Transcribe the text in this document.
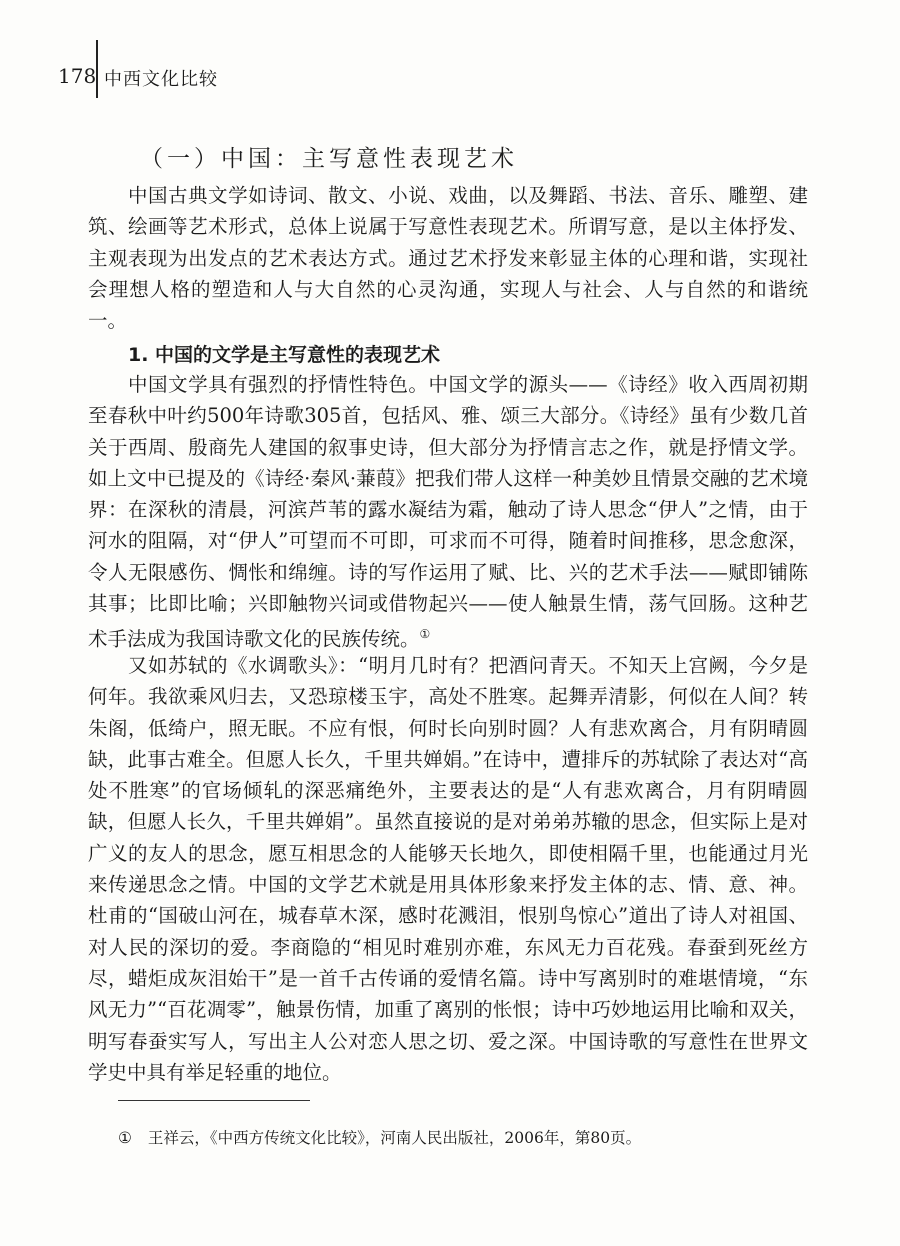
178 中西文化比较
（一）中国：主写意性表现艺术

中国古典文学如诗词、散文、小说、戏曲，以及舞蹈、书法、音乐、雕塑、建筑、绘画等艺术形式，总体上说属于写意性表现艺术。所谓写意，是以主体抒发、主观表现为出发点的艺术表达方式。通过艺术抒发来彰显主体的心理和谐，实现社会理想人格的塑造和人与大自然的心灵沟通，实现人与社会、人与自然的和谐统一。

1. 中国的文学是主写意性的表现艺术

中国文学具有强烈的抒情性特色。中国文学的源头——《诗经》收入西周初期至春秋中叶约500年诗歌305首，包括风、雅、颂三大部分。《诗经》虽有少数几首关于西周、殷商先人建国的叙事史诗，但大部分为抒情言志之作，就是抒情文学。如上文中已提及的《诗经·秦风·蒹葭》把我们带人这样一种美妙且情景交融的艺术境界：在深秋的清晨，河滨芦苇的露水凝结为霜，触动了诗人思念“伊人”之情，由于河水的阻隔，对“伊人”可望而不可即，可求而不可得，随着时间推移，思念愈深，令人无限感伤、惆怅和绵缠。诗的写作运用了赋、比、兴的艺术手法——赋即铺陈其事；比即比喻；兴即触物兴词或借物起兴——使人触景生情，荡气回肠。这种艺术手法成为我国诗歌文化的民族传统。①

又如苏轼的《水调歌头》：“明月几时有？把酒问青天。不知天上宫阙，今夕是何年。我欲乘风归去，又恐琼楼玉宇，高处不胜寒。起舞弄清影，何似在人间？转朱阁，低绮户，照无眠。不应有恨，何时长向别时圆？人有悲欢离合，月有阴晴圆缺，此事古难全。但愿人长久，千里共婵娟。”在诗中，遭排斥的苏轼除了表达对“高处不胜寒”的官场倾轧的深恶痛绝外，主要表达的是“人有悲欢离合，月有阴晴圆缺，但愿人长久，千里共婵娟”。虽然直接说的是对弟弟苏辙的思念，但实际上是对广义的友人的思念，愿互相思念的人能够天长地久，即使相隔千里，也能通过月光来传递思念之情。中国的文学艺术就是用具体形象来抒发主体的志、情、意、神。杜甫的“国破山河在，城春草木深，感时花溅泪，恨别鸟惊心”道出了诗人对祖国、对人民的深切的爱。李商隐的“相见时难别亦难，东风无力百花残。春蚕到死丝方尽，蜡炬成灰泪始干”是一首千古传诵的爱情名篇。诗中写离别时的难堪情境，“东风无力”“百花凋零”，触景伤情，加重了离别的怅恨；诗中巧妙地运用比喻和双关，明写春蚕实写人，写出主人公对恋人思之切、爱之深。中国诗歌的写意性在世界文学史中具有举足轻重的地位。

① 王祥云，《中西方传统文化比较》，河南人民出版社，2006年，第80页。
